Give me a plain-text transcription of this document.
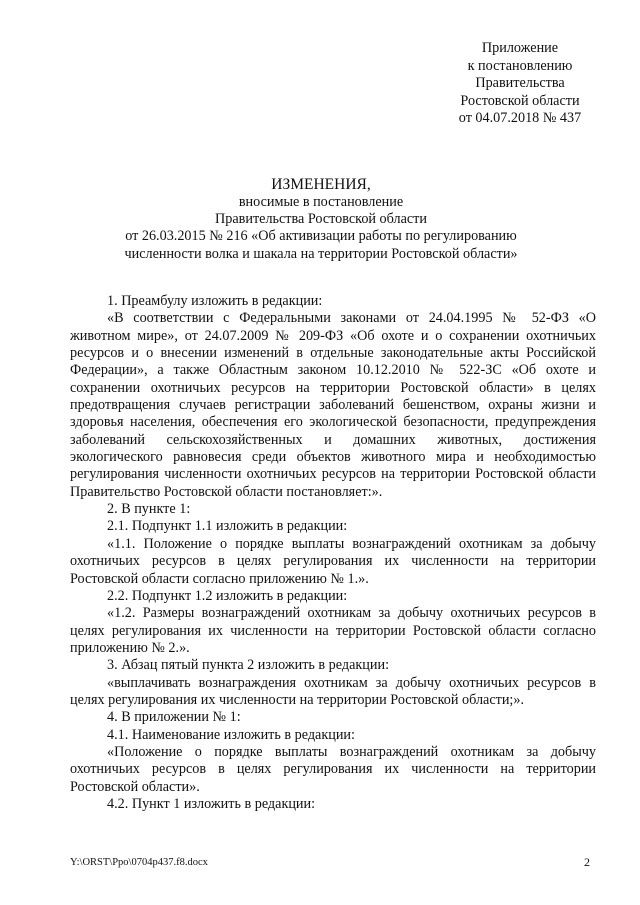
Приложение
к постановлению
Правительства
Ростовской области
от 04.07.2018 № 437
ИЗМЕНЕНИЯ,
вносимые в постановление
Правительства Ростовской области
от 26.03.2015 № 216 «Об активизации работы по регулированию
численности волка и шакала на территории Ростовской области»

1. Преамбулу изложить в редакции:

«В соответствии с Федеральными законами от 24.04.1995 № 52-ФЗ «О животном мире», от 24.07.2009 № 209-ФЗ «Об охоте и о сохранении охотничьих ресурсов и о внесении изменений в отдельные законодательные акты Российской Федерации», а также Областным законом 10.12.2010 № 522-ЗС «Об охоте и сохранении охотничьих ресурсов на территории Ростовской области» в целях предотвращения случаев регистрации заболеваний бешенством, охраны жизни и здоровья населения, обеспечения его экологической безопасности, предупреждения заболеваний сельскохозяйственных и домашних животных, достижения экологического равновесия среди объектов животного мира и необходимостью регулирования численности охотничьих ресурсов на территории Ростовской области Правительство Ростовской области постановляет:».

2. В пункте 1:

2.1. Подпункт 1.1 изложить в редакции:

«1.1. Положение о порядке выплаты вознаграждений охотникам за добычу охотничьих ресурсов в целях регулирования их численности на территории Ростовской области согласно приложению № 1.».

2.2. Подпункт 1.2 изложить в редакции:

«1.2. Размеры вознаграждений охотникам за добычу охотничьих ресурсов в целях регулирования их численности на территории Ростовской области согласно приложению № 2.».

3. Абзац пятый пункта 2 изложить в редакции:

«выплачивать вознаграждения охотникам за добычу охотничьих ресурсов в целях регулирования их численности на территории Ростовской области;».

4. В приложении № 1:

4.1. Наименование изложить в редакции:

«Положение о порядке выплаты вознаграждений охотникам за добычу охотничьих ресурсов в целях регулирования их численности на территории Ростовской области».

4.2. Пункт 1 изложить в редакции:

Y:\ORST\Ppo\0704p437.f8.docx	2
